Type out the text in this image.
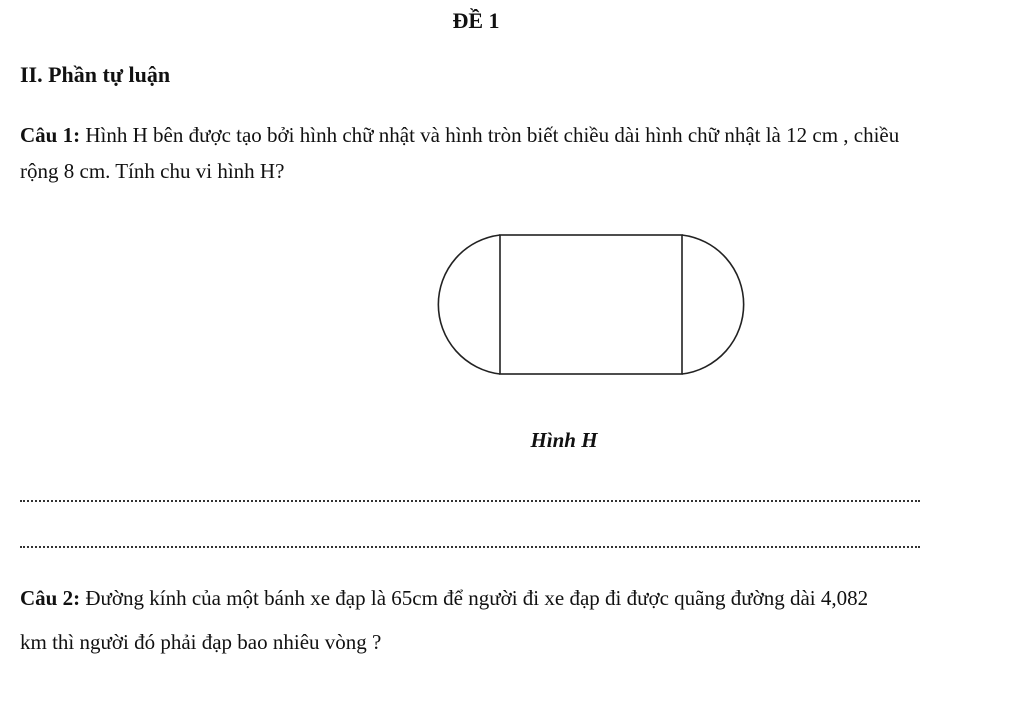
ĐỀ 1
II. Phần tự luận

Câu 1: Hình H bên được tạo bởi hình chữ nhật và hình tròn biết chiều dài hình chữ nhật là 12 cm , chiều rộng 8 cm. Tính chu vi hình H?

Hình H

Câu 2: Đường kính của một bánh xe đạp là 65cm để người đi xe đạp đi được quãng đường dài 4,082 km thì người đó phải đạp bao nhiêu vòng ?
